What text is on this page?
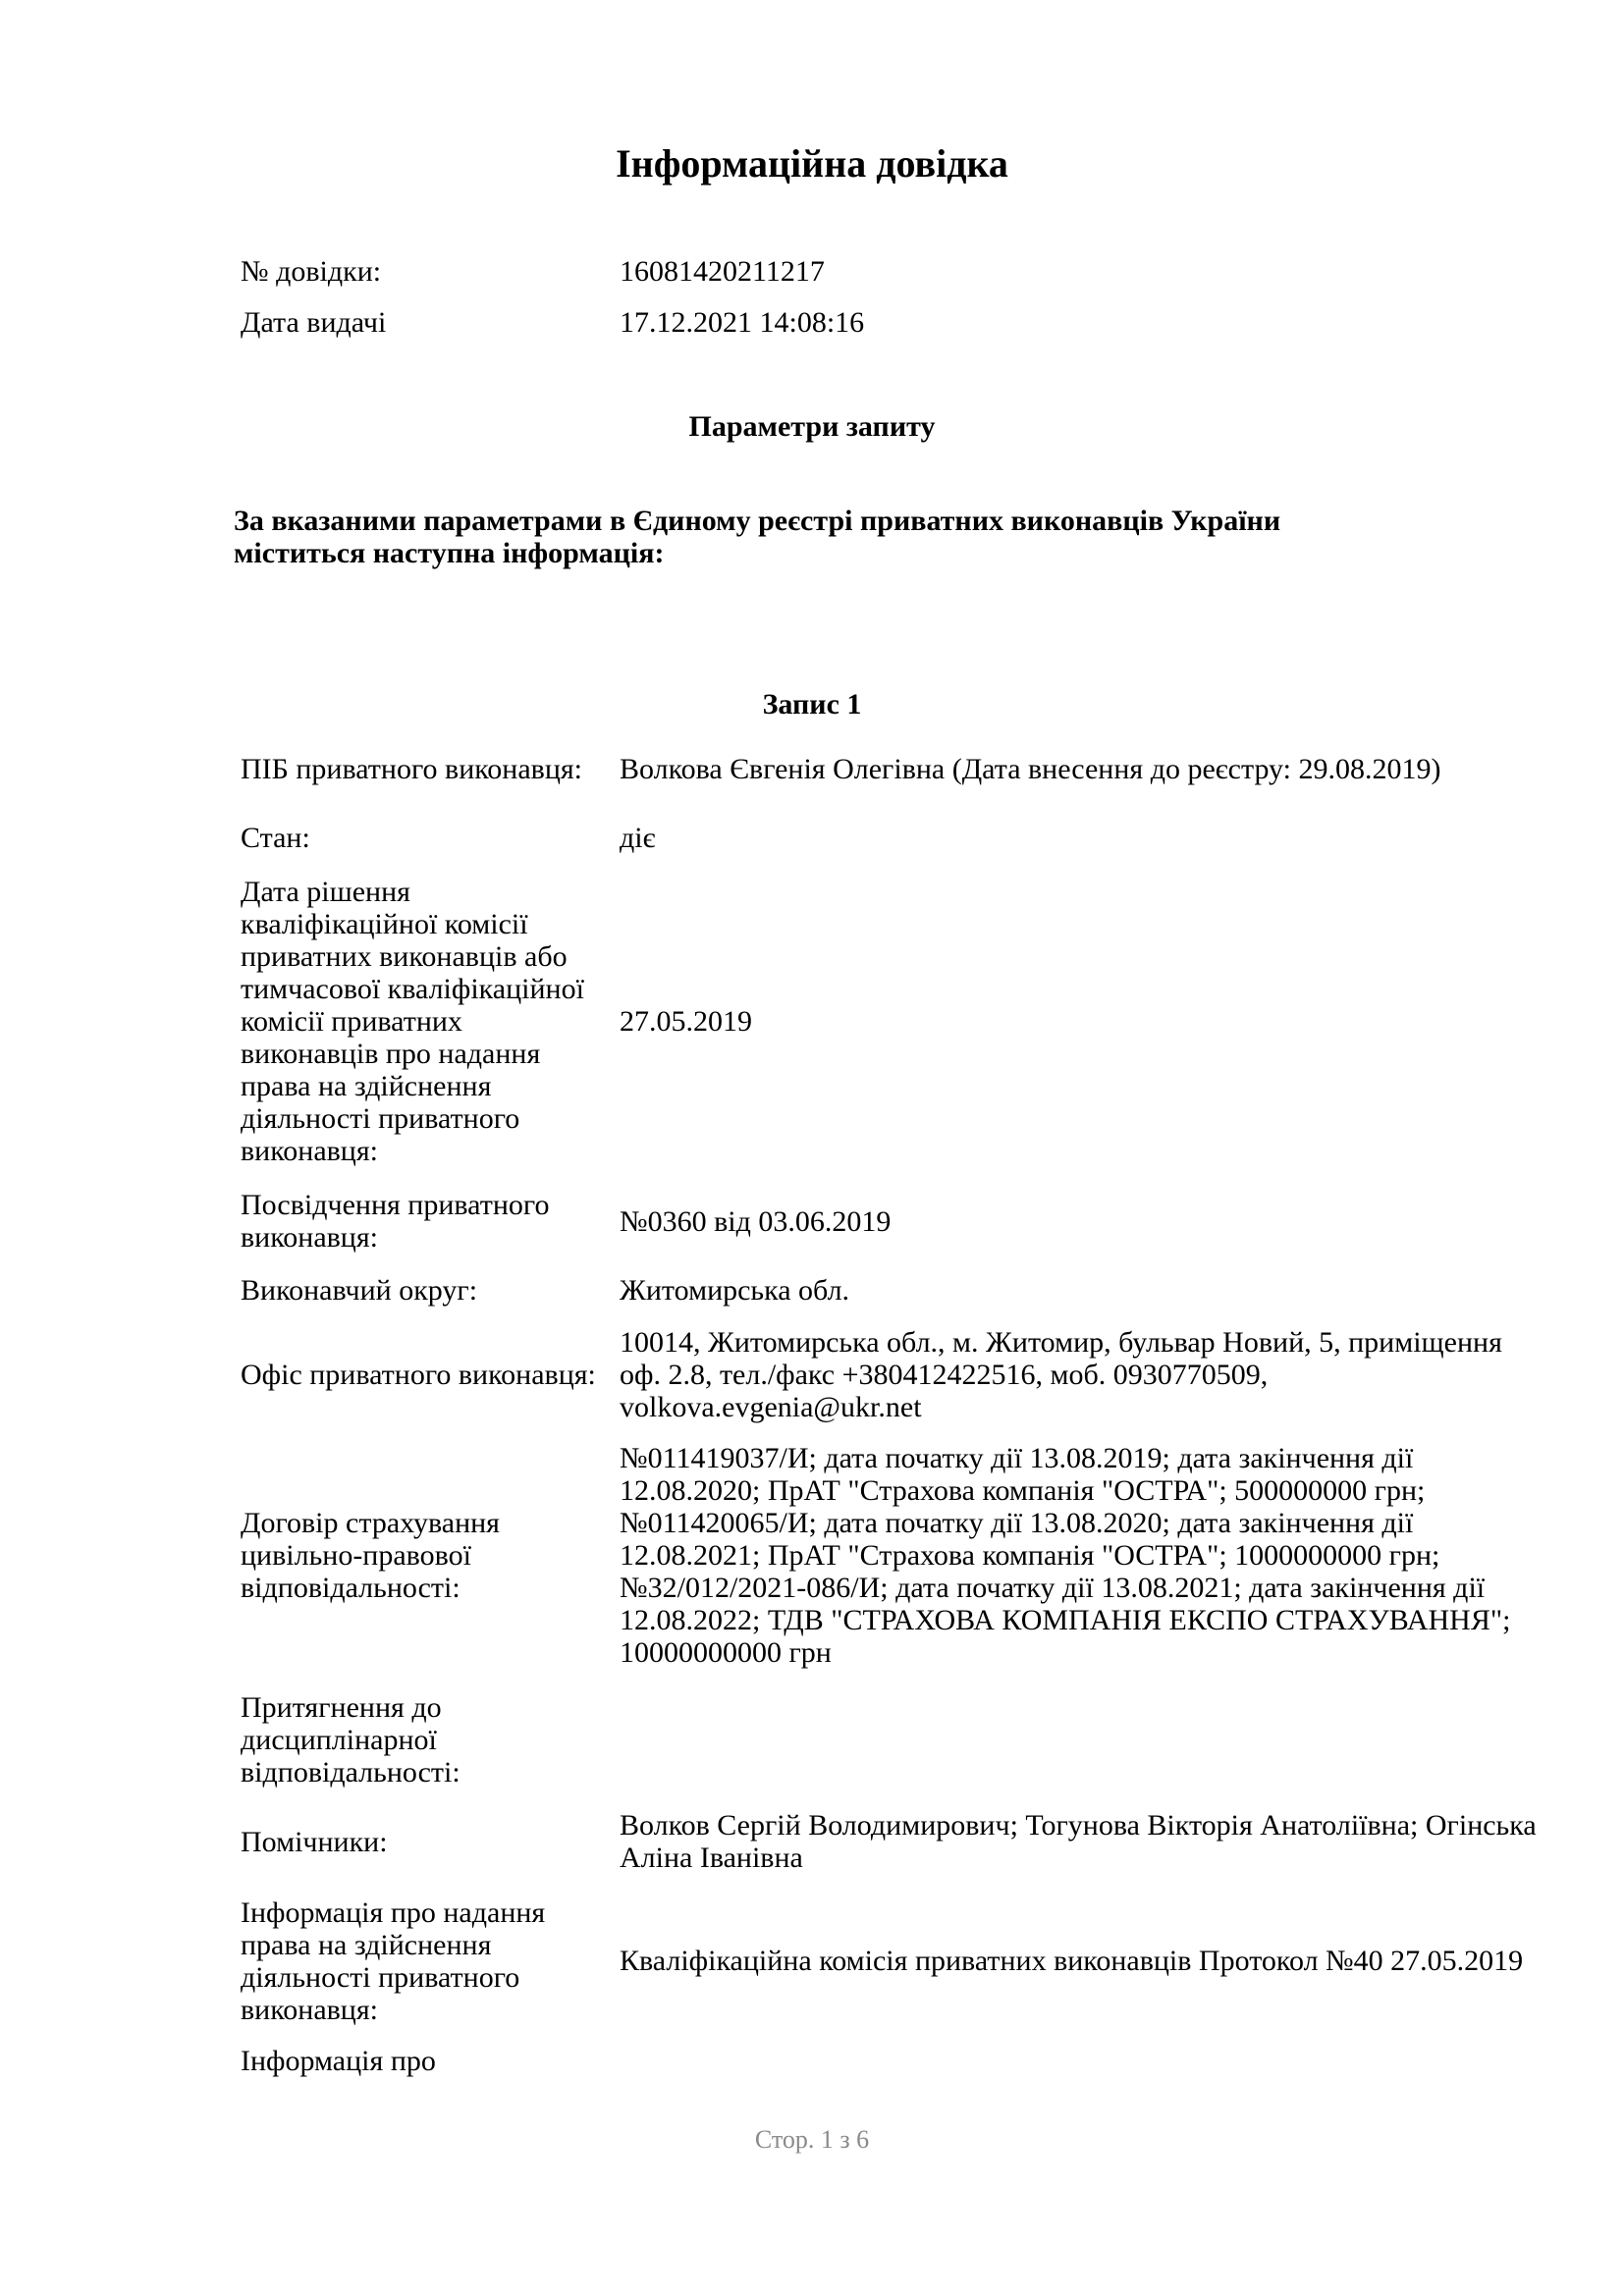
Інформаційна довідка
№ довідки:	16081420211217
Дата видачі	17.12.2021 14:08:16
Параметри запиту
За вказаними параметрами в Єдиному реєстрі приватних виконавців України міститься наступна інформація:
Запис 1
ПІБ приватного виконавця:	Волкова Євгенія Олегівна (Дата внесення до реєстру: 29.08.2019)
Стан:	діє
Дата рішення кваліфікаційної комісії приватних виконавців або тимчасової кваліфікаційної комісії приватних виконавців про надання права на здійснення діяльності приватного виконавця:
27.05.2019
Посвідчення приватного виконавця:	№0360 від 03.06.2019
Виконавчий округ:	Житомирська обл.
Офіс приватного виконавця:
10014, Житомирська обл., м. Житомир, бульвар Новий, 5, приміщення оф. 2.8, тел./факс +380412422516, моб. 0930770509, volkova.evgenia@ukr.net
Договір страхування цивільно-правової відповідальності:
№011419037/И; дата початку дії 13.08.2019; дата закінчення дії 12.08.2020; ПрАТ "Страхова компанія "ОСТРА"; 500000000 грн; №011420065/И; дата початку дії 13.08.2020; дата закінчення дії 12.08.2021; ПрАТ "Страхова компанія "ОСТРА"; 1000000000 грн; №32/012/2021-086/И; дата початку дії 13.08.2021; дата закінчення дії 12.08.2022; ТДВ "СТРАХОВА КОМПАНІЯ ЕКСПО СТРАХУВАННЯ"; 10000000000 грн
Притягнення до дисциплінарної відповідальності:
Помічники:	Волков Сергій Володимирович; Тогунова Вікторія Анатоліївна; Огінська Аліна Іванівна
Інформація про надання права на здійснення діяльності приватного виконавця:
Кваліфікаційна комісія приватних виконавців Протокол №40 27.05.2019
Інформація про
Стор. 1 з 6
